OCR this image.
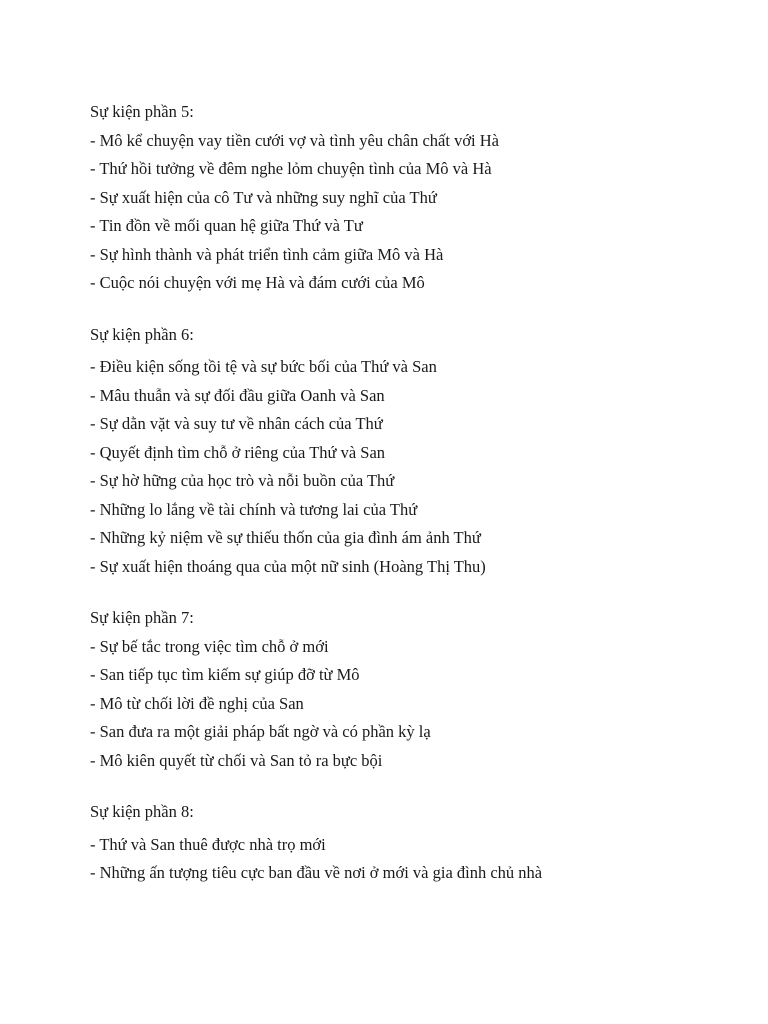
Sự kiện phần 5:
- Mô kể chuyện vay tiền cưới vợ và tình yêu chân chất với Hà
- Thứ hồi tưởng về đêm nghe lỏm chuyện tình của Mô và Hà
- Sự xuất hiện của cô Tư và những suy nghĩ của Thứ
- Tin đồn về mối quan hệ giữa Thứ và Tư
- Sự hình thành và phát triển tình cảm giữa Mô và Hà
- Cuộc nói chuyện với mẹ Hà và đám cưới của Mô
Sự kiện phần 6:
- Điều kiện sống tồi tệ và sự bức bối của Thứ và San
- Mâu thuẫn và sự đối đầu giữa Oanh và San
- Sự dằn vặt và suy tư về nhân cách của Thứ
- Quyết định tìm chỗ ở riêng của Thứ và San
- Sự hờ hững của học trò và nỗi buồn của Thứ
- Những lo lắng về tài chính và tương lai của Thứ
- Những kỷ niệm về sự thiếu thốn của gia đình ám ảnh Thứ
- Sự xuất hiện thoáng qua của một nữ sinh (Hoàng Thị Thu)
Sự kiện phần 7:
- Sự bế tắc trong việc tìm chỗ ở mới
- San tiếp tục tìm kiếm sự giúp đỡ từ Mô
- Mô từ chối lời đề nghị của San
- San đưa ra một giải pháp bất ngờ và có phần kỳ lạ
- Mô kiên quyết từ chối và San tỏ ra bực bội
Sự kiện phần 8:
- Thứ và San thuê được nhà trọ mới
- Những ấn tượng tiêu cực ban đầu về nơi ở mới và gia đình chủ nhà
